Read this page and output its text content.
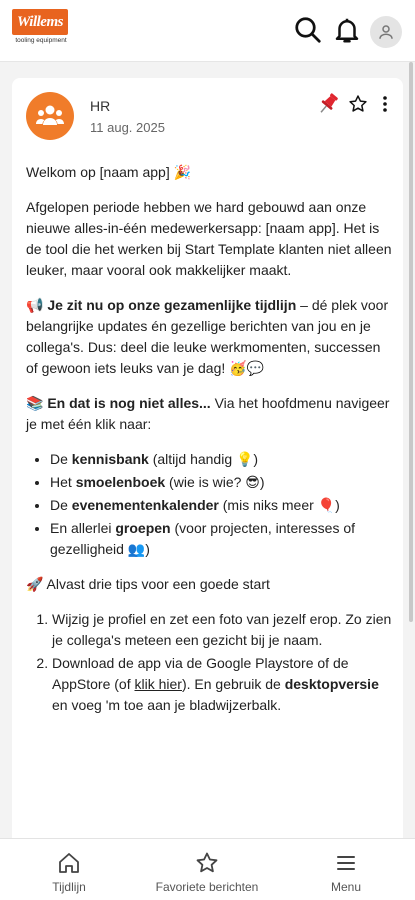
Willems
tooling equipment
HR
11 aug. 2025

Welkom op [naam app] 🎉

Afgelopen periode hebben we hard gebouwd aan onze nieuwe alles-in-één medewerkersapp: [naam app]. Het is de tool die het werken bij Start Template klanten niet alleen leuker, maar vooral ook makkelijker maakt.

📢 Je zit nu op onze gezamenlijke tijdlijn – dé plek voor belangrijke updates én gezellige berichten van jou en je collega's. Dus: deel die leuke werkmomenten, successen of gewoon iets leuks van je dag! 🥳💬

📚 En dat is nog niet alles... Via het hoofdmenu navigeer je met één klik naar:

• De kennisbank (altijd handig 💡)
• Het smoelenboek (wie is wie? 😎)
• De evenementenkalender (mis niks meer 🎈)
• En allerlei groepen (voor projecten, interesses of gezelligheid 👥)

🚀 Alvast drie tips voor een goede start

1. Wijzig je profiel en zet een foto van jezelf erop. Zo zien je collega's meteen een gezicht bij je naam.
2. Download de app via de Google Playstore of de AppStore (of klik hier). En gebruik de desktopversie en voeg 'm toe aan je bladwijzerbalk.
Tijdlijn	Favoriete berichten	Menu
